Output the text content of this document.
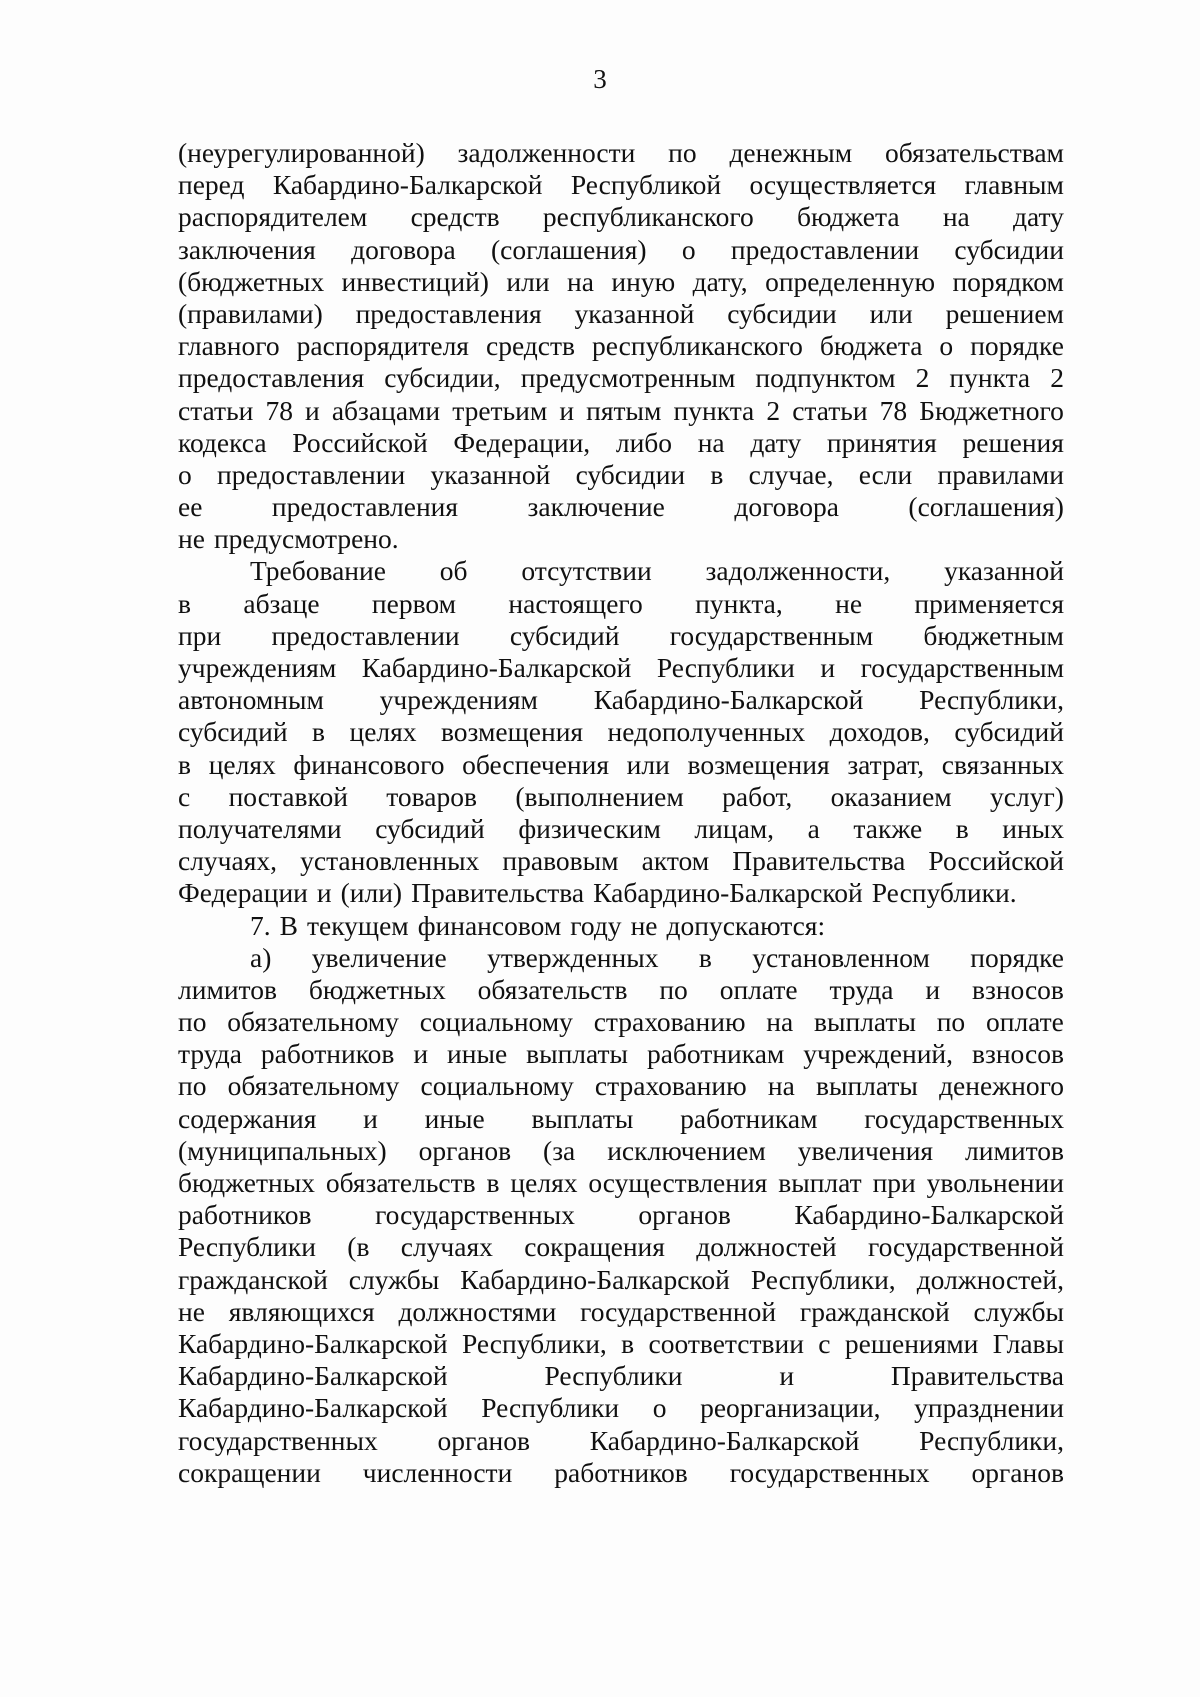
3
(неурегулированной) задолженности по денежным обязательствам
перед Кабардино-Балкарской Республикой осуществляется главным
распорядителем средств республиканского бюджета на дату
заключения договора (соглашения) о предоставлении субсидии
(бюджетных инвестиций) или на иную дату, определенную порядком
(правилами) предоставления указанной субсидии или решением
главного распорядителя средств республиканского бюджета о порядке
предоставления субсидии, предусмотренным подпунктом 2 пункта 2
статьи 78 и абзацами третьим и пятым пункта 2 статьи 78 Бюджетного
кодекса Российской Федерации, либо на дату принятия решения
о предоставлении указанной субсидии в случае, если правилами
ее	предоставления	заключение	договора	(соглашения)
не предусмотрено.
Требование об отсутствии задолженности, указанной
в абзаце первом настоящего пункта, не применяется
при предоставлении субсидий государственным бюджетным
учреждениям Кабардино-Балкарской Республики и государственным
автономным учреждениям Кабардино-Балкарской Республики,
субсидий в целях возмещения недополученных доходов, субсидий
в целях финансового обеспечения или возмещения затрат, связанных
с поставкой товаров (выполнением работ, оказанием услуг)
получателями субсидий физическим лицам, а также в иных
случаях, установленных правовым актом Правительства Российской
Федерации и (или) Правительства Кабардино-Балкарской Республики.
7. В текущем финансовом году не допускаются:
а) увеличение утвержденных в установленном порядке
лимитов бюджетных обязательств по оплате труда и взносов
по обязательному социальному страхованию на выплаты по оплате
труда работников и иные выплаты работникам учреждений, взносов
по обязательному социальному страхованию на выплаты денежного
содержания и иные выплаты работникам государственных
(муниципальных) органов (за исключением увеличения лимитов
бюджетных обязательств в целях осуществления выплат при увольнении
работников государственных органов Кабардино-Балкарской
Республики (в случаях сокращения должностей государственной
гражданской службы Кабардино-Балкарской Республики, должностей,
не являющихся должностями государственной гражданской службы
Кабардино-Балкарской Республики, в соответствии с решениями Главы
Кабардино-Балкарской	Республики	и	Правительства
Кабардино-Балкарской Республики о реорганизации, упразднении
государственных органов Кабардино-Балкарской Республики,
сокращении численности работников государственных органов
